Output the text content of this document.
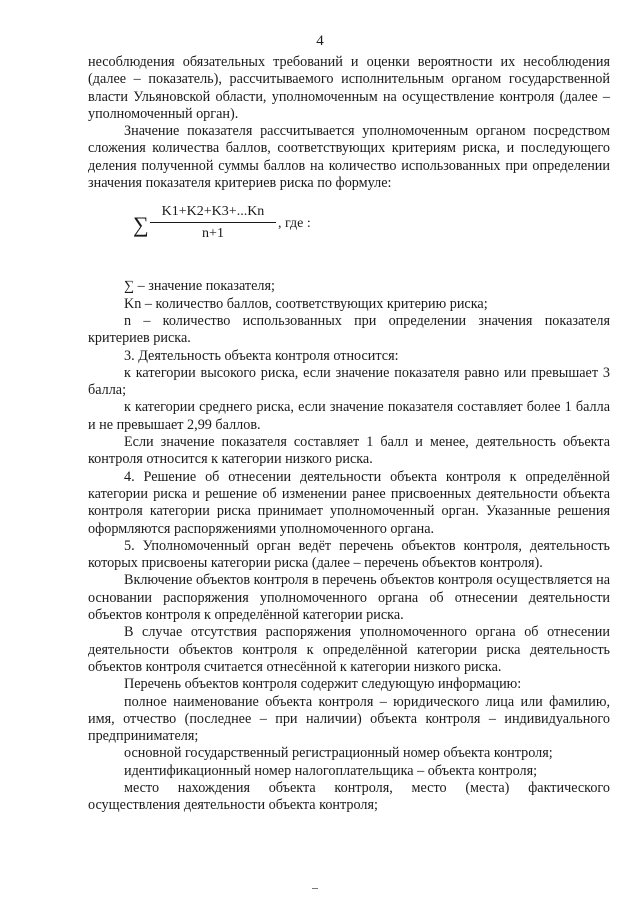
4

несоблюдения обязательных требований и оценки вероятности их несоблюдения (далее – показатель), рассчитываемого исполнительным органом государственной власти Ульяновской области, уполномоченным на осуществление контроля (далее – уполномоченный орган).

Значение показателя рассчитывается уполномоченным органом посредством сложения количества баллов, соответствующих критериям риска, и последующего деления полученной суммы баллов на количество использованных при определении значения показателя критериев риска по формуле:

∑ $\frac{K1+K2+K3+...Kn}{n+1}$ , где :

∑ – значение показателя;

Kn – количество баллов, соответствующих критерию риска;

n – количество использованных при определении значения показателя критериев риска.

3. Деятельность объекта контроля относится:

к категории высокого риска, если значение показателя равно или превышает 3 балла;

к категории среднего риска, если значение показателя составляет более 1 балла и не превышает 2,99 баллов.

Если значение показателя составляет 1 балл и менее, деятельность объекта контроля относится к категории низкого риска.

4. Решение об отнесении деятельности объекта контроля к определённой категории риска и решение об изменении ранее присвоенных деятельности объекта контроля категории риска принимает уполномоченный орган. Указанные решения оформляются распоряжениями уполномоченного органа.

5. Уполномоченный орган ведёт перечень объектов контроля, деятельность которых присвоены категории риска (далее – перечень объектов контроля).

Включение объектов контроля в перечень объектов контроля осуществляется на основании распоряжения уполномоченного органа об отнесении деятельности объектов контроля к определённой категории риска.

В случае отсутствия распоряжения уполномоченного органа об отнесении деятельности объектов контроля к определённой категории риска деятельность объектов контроля считается отнесённой к категории низкого риска.

Перечень объектов контроля содержит следующую информацию:

полное наименование объекта контроля – юридического лица или фамилию, имя, отчество (последнее – при наличии) объекта контроля – индивидуального предпринимателя;

основной государственный регистрационный номер объекта контроля;

идентификационный номер налогоплательщика – объекта контроля;

место нахождения объекта контроля, место (места) фактического осуществления деятельности объекта контроля;
